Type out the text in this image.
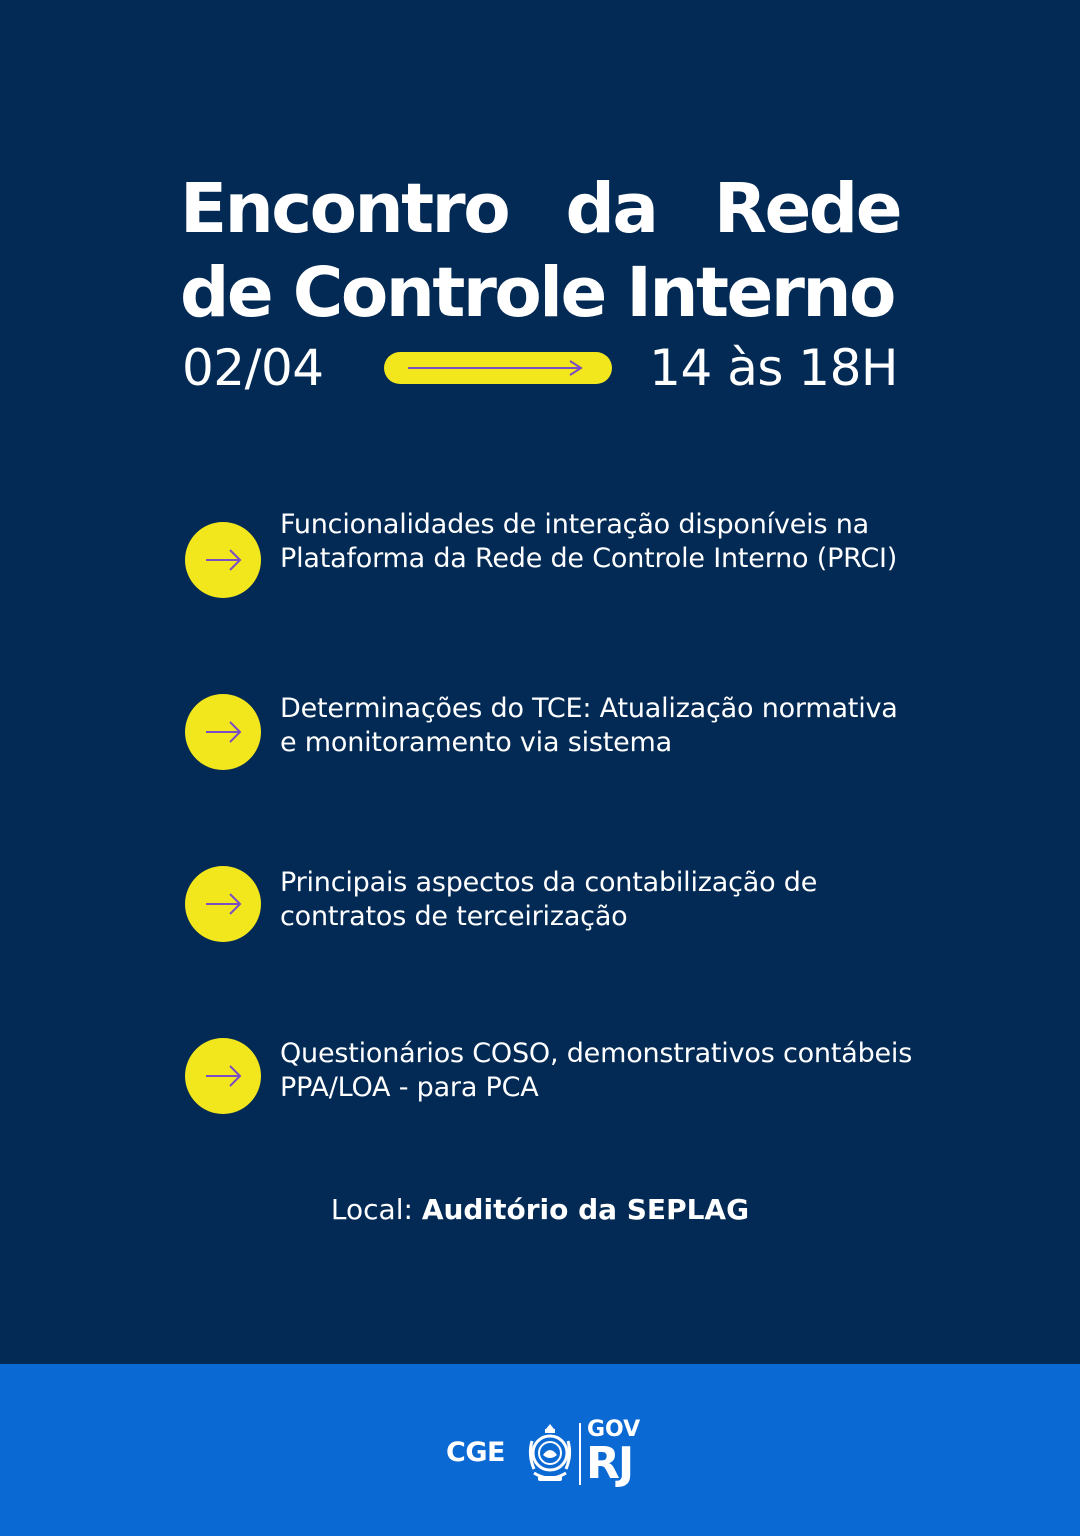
Encontro da Rede
de Controle Interno
02/04	14 às 18H
Funcionalidades de interação disponíveis na Plataforma da Rede de Controle Interno (PRCI)
Determinações do TCE: Atualização normativa e monitoramento via sistema
Principais aspectos da contabilização de contratos de terceirização
Questionários COSO, demonstrativos contábeis PPA/LOA - para PCA
Local: Auditório da SEPLAG
CGE
GOV
RJ
